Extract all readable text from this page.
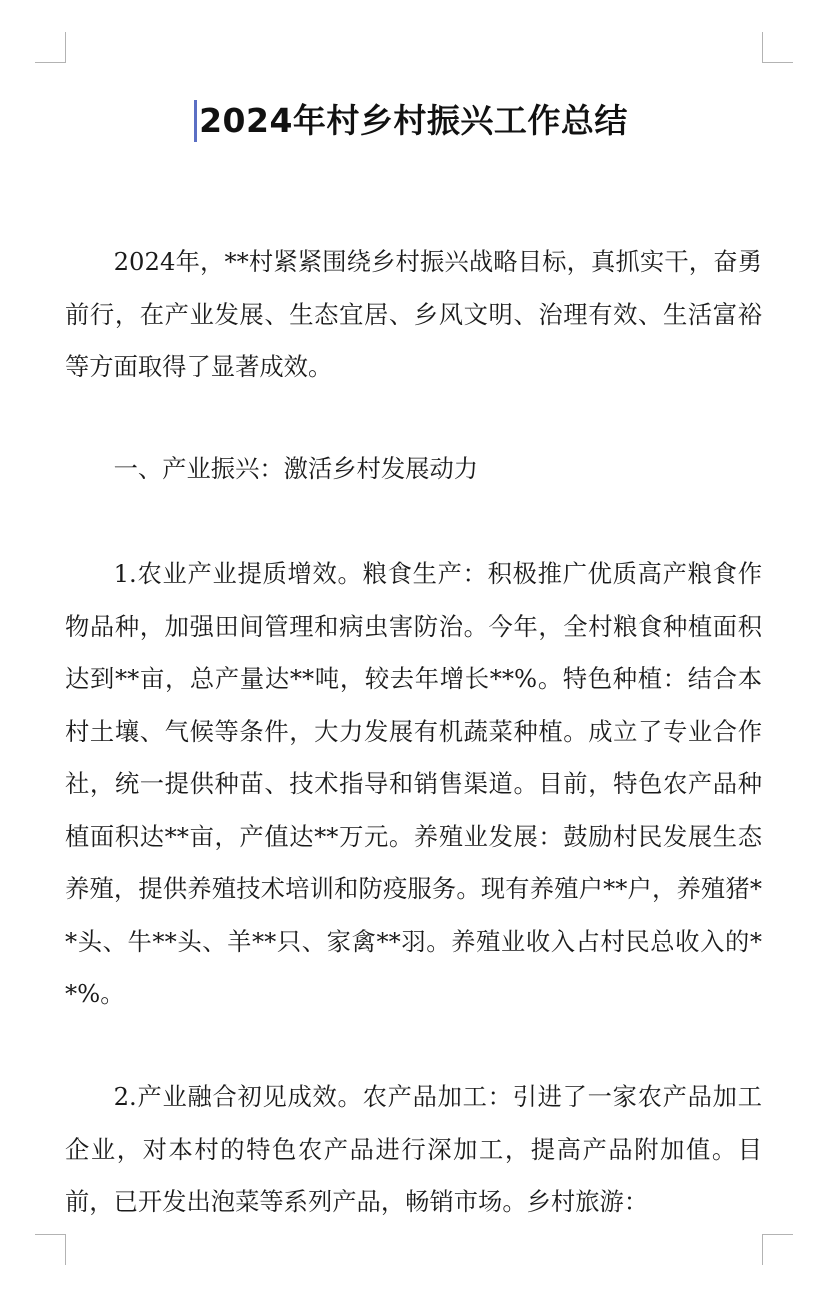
2024年村乡村振兴工作总结

2024年，**村紧紧围绕乡村振兴战略目标，真抓实干，奋勇前行，在产业发展、生态宜居、乡风文明、治理有效、生活富裕等方面取得了显著成效。

一、产业振兴：激活乡村发展动力

1.农业产业提质增效。粮食生产：积极推广优质高产粮食作物品种，加强田间管理和病虫害防治。今年，全村粮食种植面积达到**亩，总产量达**吨，较去年增长**%。特色种植：结合本村土壤、气候等条件，大力发展有机蔬菜种植。成立了专业合作社，统一提供种苗、技术指导和销售渠道。目前，特色农产品种植面积达**亩，产值达**万元。养殖业发展：鼓励村民发展生态养殖，提供养殖技术培训和防疫服务。现有养殖户**户，养殖猪**头、牛**头、羊**只、家禽**羽。养殖业收入占村民总收入的**%。

2.产业融合初见成效。农产品加工：引进了一家农产品加工企业，对本村的特色农产品进行深加工，提高产品附加值。目前，已开发出泡菜等系列产品，畅销市场。乡村旅游：
